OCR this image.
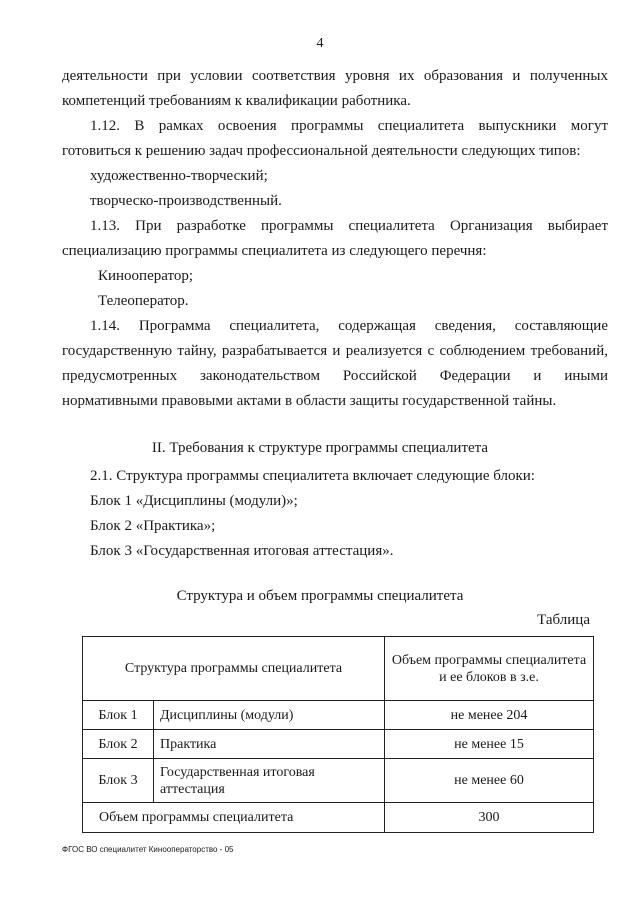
4
деятельности при условии соответствия уровня их образования и полученных
компетенций требованиям к квалификации работника.
1.12. В рамках освоения программы специалитета выпускники могут
готовиться к решению задач профессиональной деятельности следующих типов:
художественно-творческий;
творческо-производственный.
1.13. При разработке программы специалитета Организация выбирает
специализацию программы специалитета из следующего перечня:
Кинооператор;
Телеоператор.
1.14. Программа специалитета, содержащая сведения, составляющие
государственную тайну, разрабатывается и реализуется с соблюдением требований,
предусмотренных законодательством Российской Федерации и иными
нормативными правовыми актами в области защиты государственной тайны.
II. Требования к структуре программы специалитета
2.1. Структура программы специалитета включает следующие блоки:
Блок 1 «Дисциплины (модули)»;
Блок 2 «Практика»;
Блок 3 «Государственная итоговая аттестация».
Структура и объем программы специалитета
Таблица
Структура программы специалитета		Объем программы специалитета и ее блоков в з.е.
Блок 1	Дисциплины (модули)	не менее 204
Блок 2	Практика	не менее 15
Блок 3	Государственная итоговая аттестация	не менее 60
Объем программы специалитета		300
ФГОС ВО специалитет Кинооператорство - 05
